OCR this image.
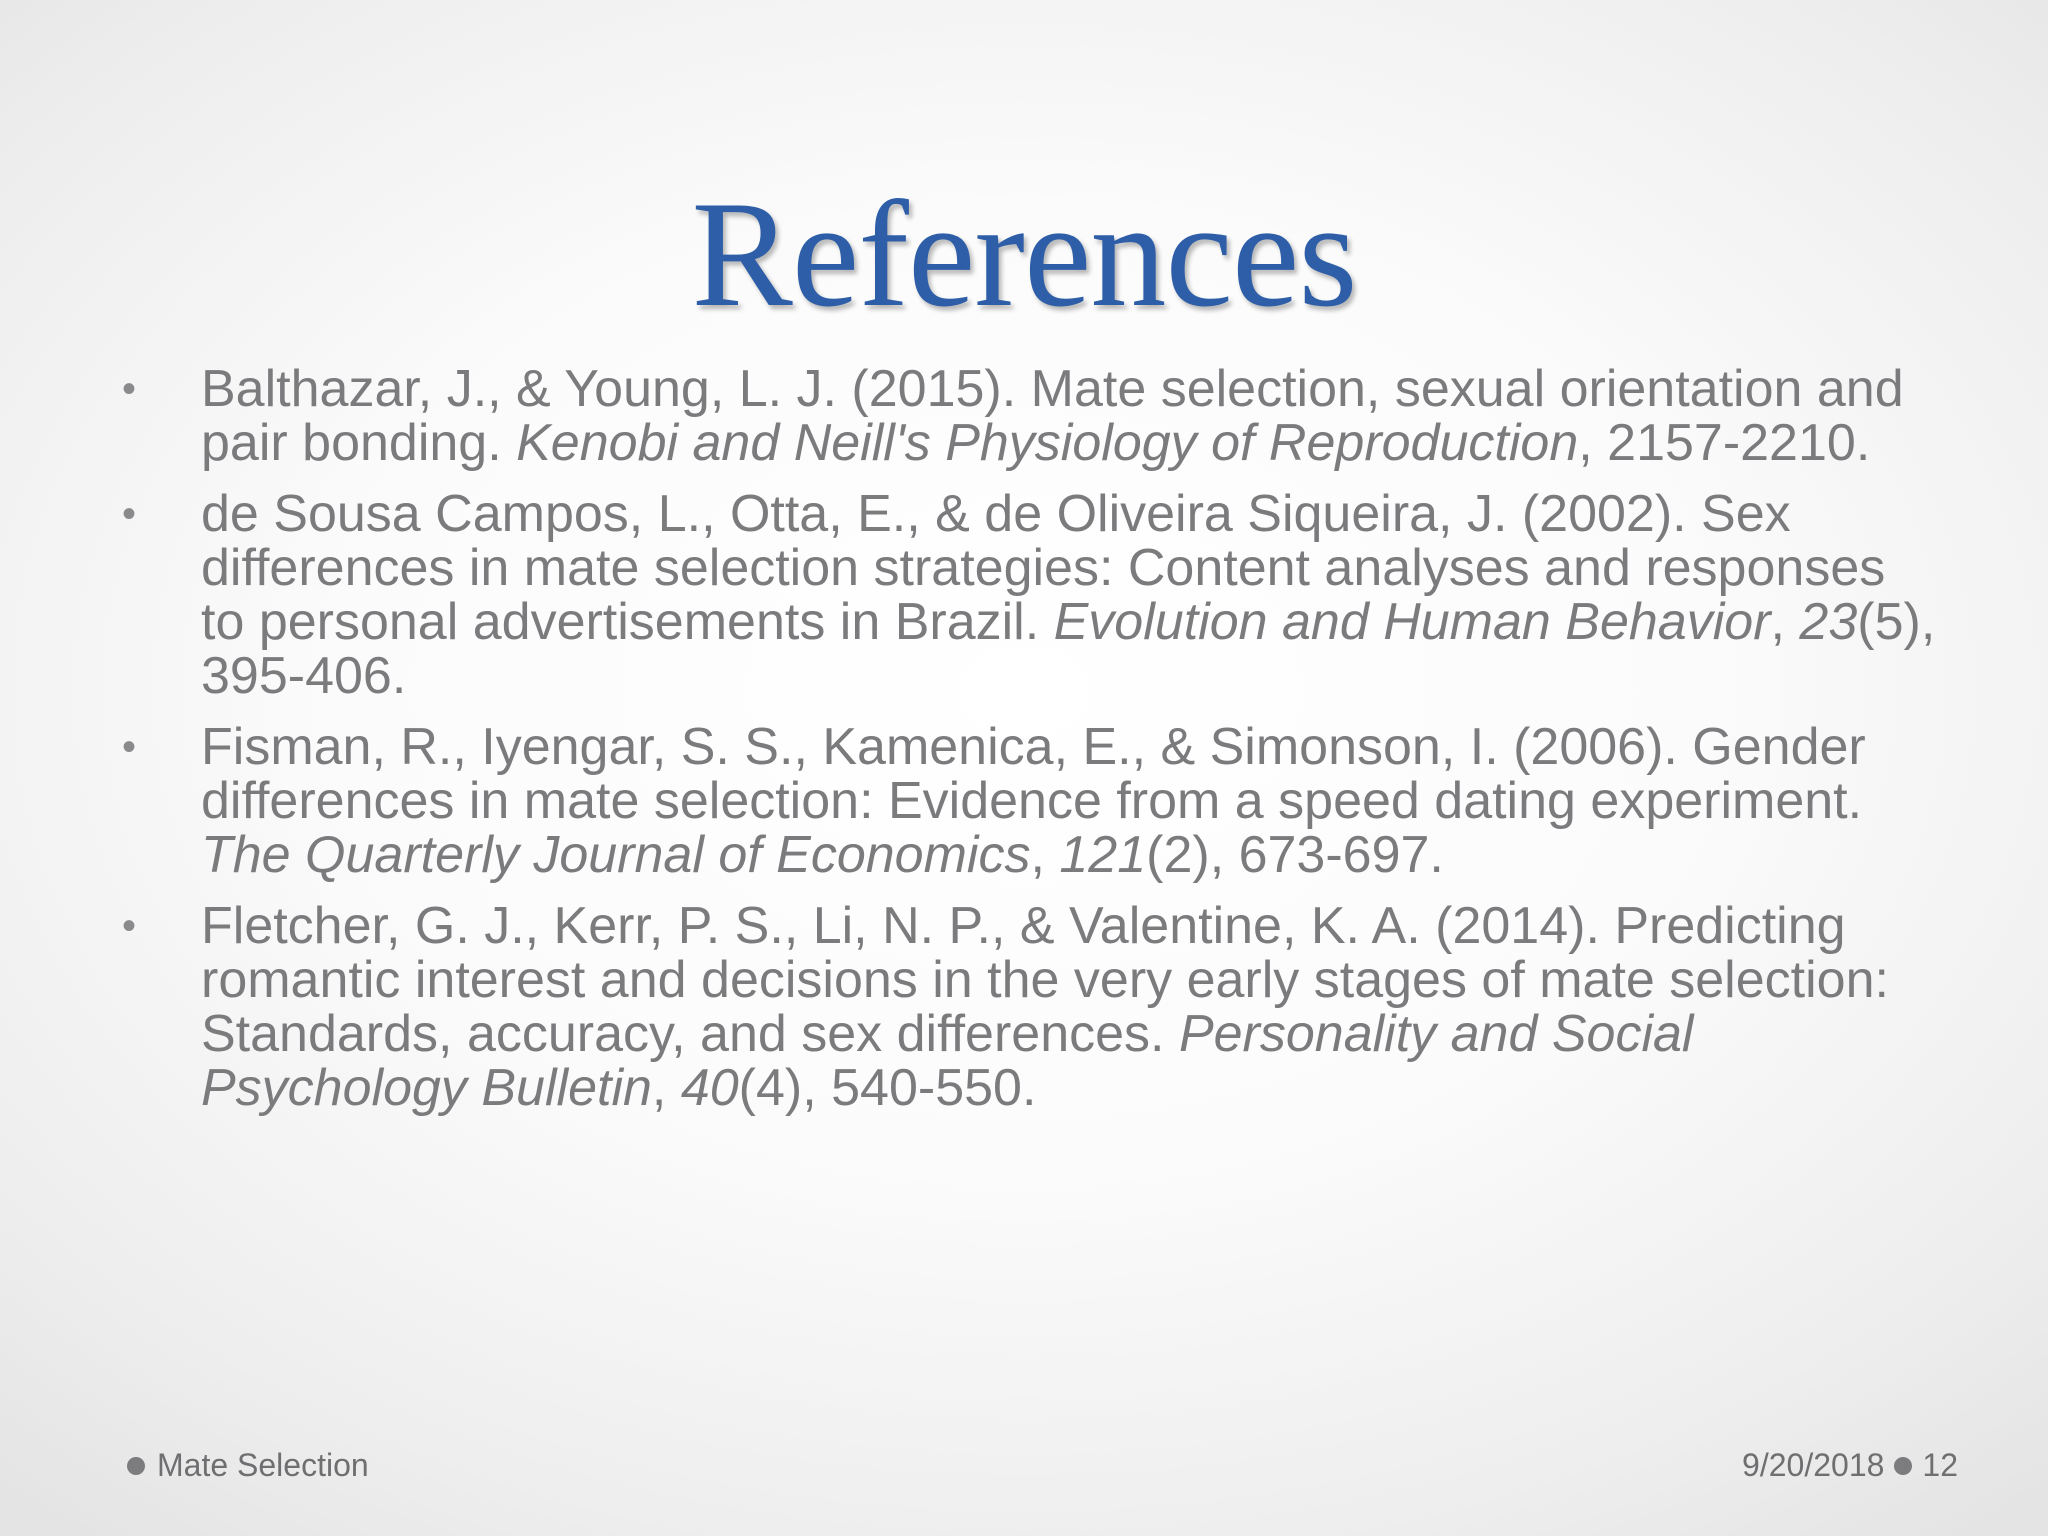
References
• Balthazar, J., & Young, L. J. (2015). Mate selection, sexual orientation and pair bonding. Kenobi and Neill's Physiology of Reproduction, 2157-2210.
• de Sousa Campos, L., Otta, E., & de Oliveira Siqueira, J. (2002). Sex differences in mate selection strategies: Content analyses and responses to personal advertisements in Brazil. Evolution and Human Behavior, 23(5), 395-406.
• Fisman, R., Iyengar, S. S., Kamenica, E., & Simonson, I. (2006). Gender differences in mate selection: Evidence from a speed dating experiment. The Quarterly Journal of Economics, 121(2), 673-697.
• Fletcher, G. J., Kerr, P. S., Li, N. P., & Valentine, K. A. (2014). Predicting romantic interest and decisions in the very early stages of mate selection: Standards, accuracy, and sex differences. Personality and Social Psychology Bulletin, 40(4), 540-550.
Mate Selection	9/20/2018 12
